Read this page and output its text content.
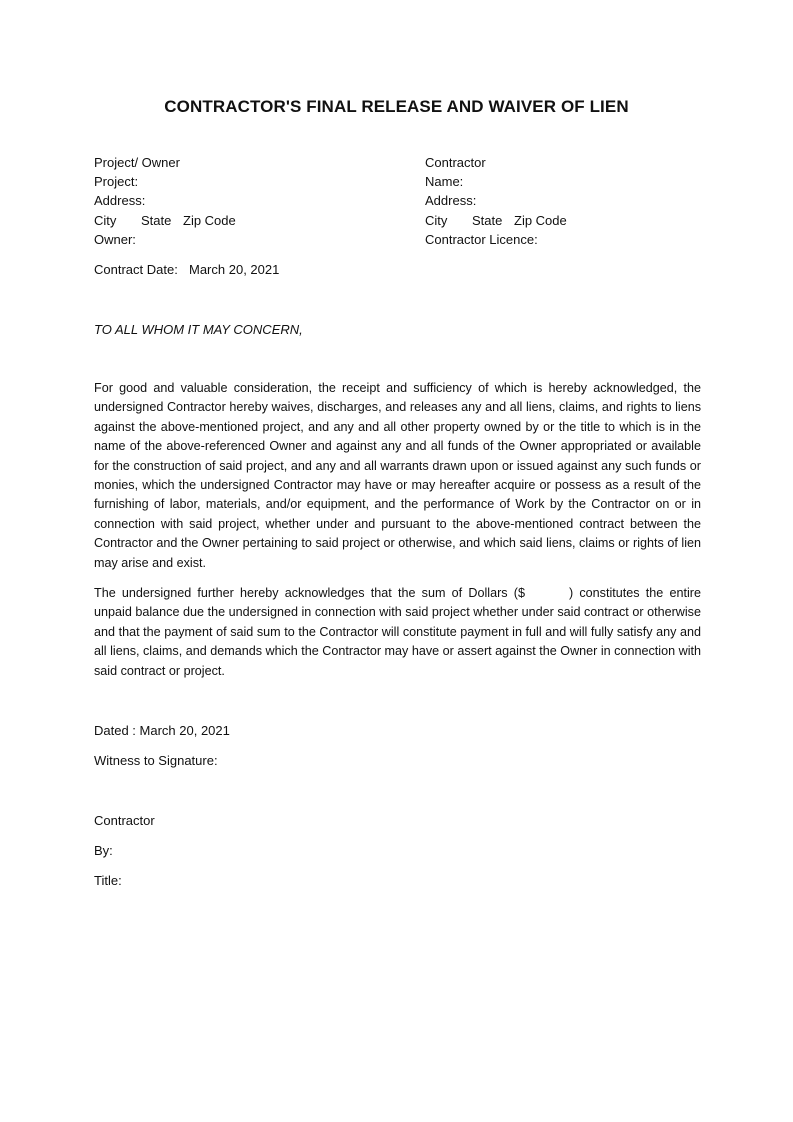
CONTRACTOR'S FINAL RELEASE AND WAIVER OF LIEN
Project/ Owner
Project:
Address:
City State Zip Code
Owner:
Contractor
Name:
Address:
City State Zip Code
Contractor Licence:
Contract Date: March 20, 2021
TO ALL WHOM IT MAY CONCERN,

For good and valuable consideration, the receipt and sufficiency of which is hereby acknowledged, the undersigned Contractor hereby waives, discharges, and releases any and all liens, claims, and rights to liens against the above-mentioned project, and any and all other property owned by or the title to which is in the name of the above-referenced Owner and against any and all funds of the Owner appropriated or available for the construction of said project, and any and all warrants drawn upon or issued against any such funds or monies, which the undersigned Contractor may have or may hereafter acquire or possess as a result of the furnishing of labor, materials, and/or equipment, and the performance of Work by the Contractor on or in connection with said project, whether under and pursuant to the above-mentioned contract between the Contractor and the Owner pertaining to said project or otherwise, and which said liens, claims or rights of lien may arise and exist.

The undersigned further hereby acknowledges that the sum of Dollars ($	) constitutes the entire unpaid balance due the undersigned in connection with said project whether under said contract or otherwise and that the payment of said sum to the Contractor will constitute payment in full and will fully satisfy any and all liens, claims, and demands which the Contractor may have or assert against the Owner in connection with said contract or project.

Dated : March 20, 2021
Witness to Signature:
Contractor
By:
Title:
